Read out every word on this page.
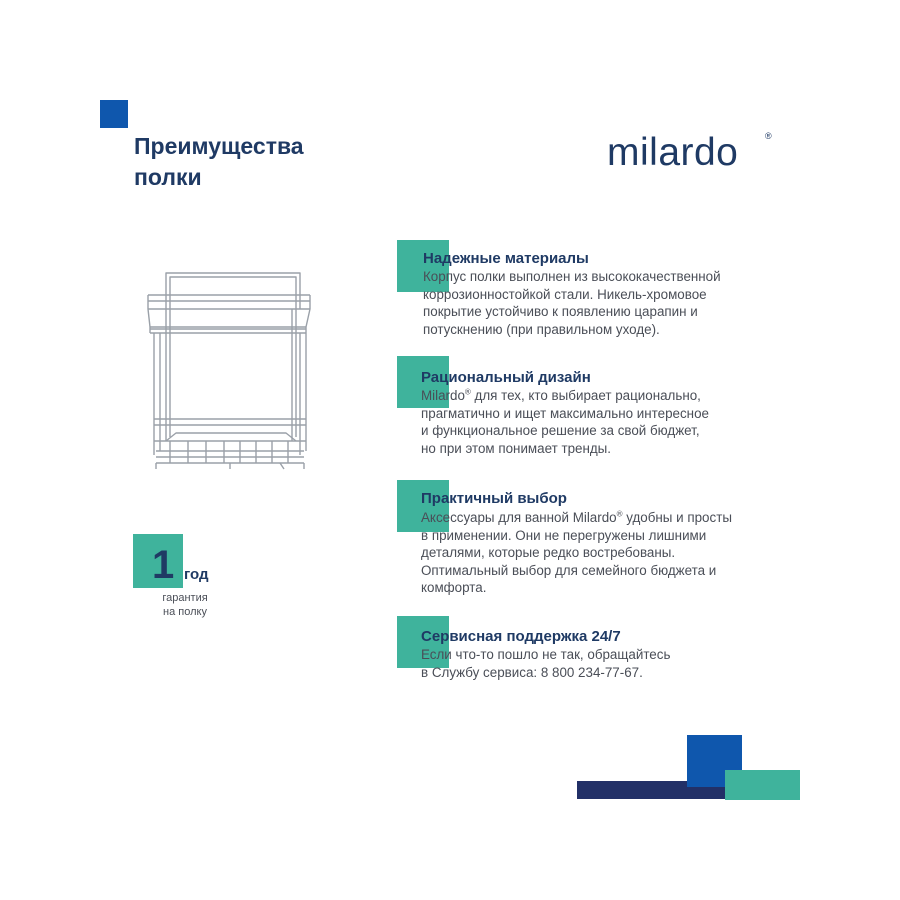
Преимущества
полки
milardo	®
1 год
гарантия
на полку
Надежные материалы
Корпус полки выполнен из высококачественной
коррозионностойкой стали. Никель-хромовое
покрытие устойчиво к появлению царапин и
потускнению (при правильном уходе).
Рациональный дизайн
Milardo® для тех, кто выбирает рационально,
прагматично и ищет максимально интересное
и функциональное решение за свой бюджет,
но при этом понимает тренды.
Практичный выбор
Аксессуары для ванной Milardo® удобны и просты
в применении. Они не перегружены лишними
деталями, которые редко востребованы.
Оптимальный выбор для семейного бюджета и
комфорта.
Сервисная поддержка 24/7
Если что-то пошло не так, обращайтесь
в Службу сервиса: 8 800 234-77-67.
